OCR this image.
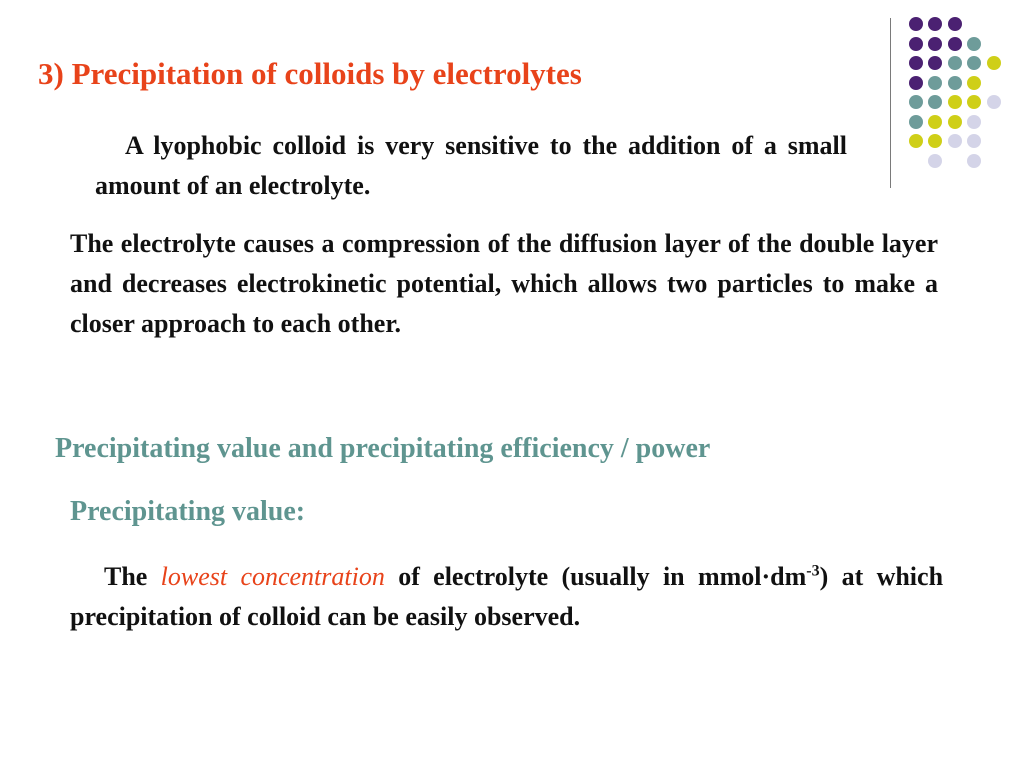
3) Precipitation of colloids by electrolytes

A lyophobic colloid is very sensitive to the addition of a small amount of an electrolyte.

The electrolyte causes a compression of the diffusion layer of the double layer and decreases electrokinetic potential, which allows two particles to make a closer approach to each other.

Precipitating value and precipitating efficiency / power
Precipitating value:

The lowest concentration of electrolyte (usually in $mmol\cdot dm^{-3}$) at which precipitation of colloid can be easily observed.
